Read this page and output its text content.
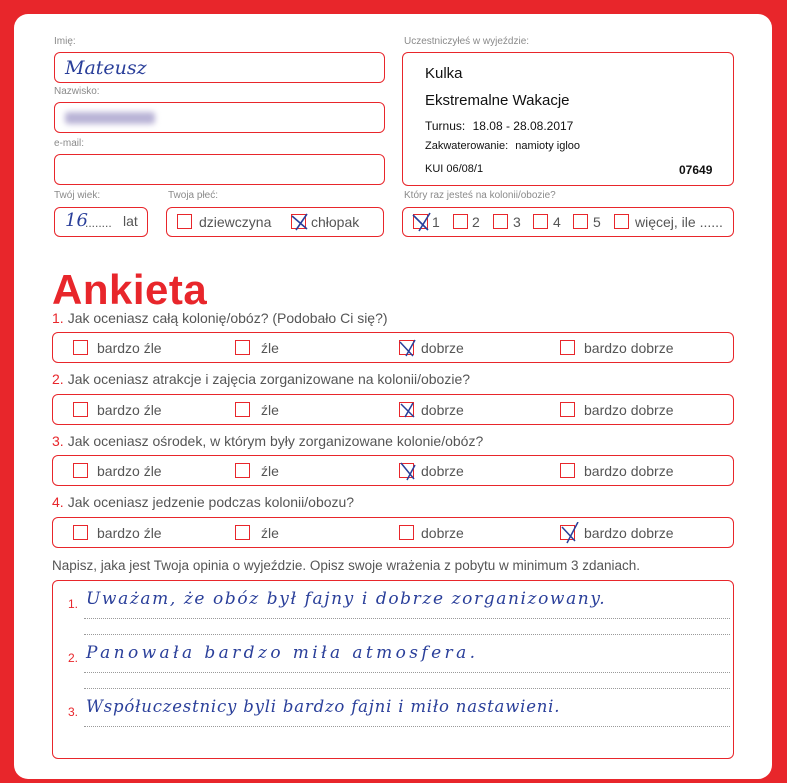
Imię:
Mateusz
Nazwisko:
e-mail:
Twój wiek:
16
........ lat
Twoja płeć:
dziewczyna	chłopak
Uczestniczyłeś w wyjeździe:
Kulka
Ekstremalne Wakacje
Turnus: 18.08 - 28.08.2017
Zakwaterowanie: namioty igloo
KUI 06/08/1	07649
Który raz jesteś na kolonii/obozie?
1 2 3 4 5 więcej, ile ......
Ankieta
1. Jak oceniasz całą kolonię/obóz? (Podobało Ci się?)
bardzo źle	źle	dobrze	bardzo dobrze
2. Jak oceniasz atrakcje i zajęcia zorganizowane na kolonii/obozie?
bardzo źle	źle	dobrze	bardzo dobrze
3. Jak oceniasz ośrodek, w którym były zorganizowane kolonie/obóz?
bardzo źle	źle	dobrze	bardzo dobrze
4. Jak oceniasz jedzenie podczas kolonii/obozu?
bardzo źle	źle	dobrze	bardzo dobrze
Napisz, jaka jest Twoja opinia o wyjeździe. Opisz swoje wrażenia z pobytu w minimum 3 zdaniach.
1. Uważam, że obóz był fajny i dobrze zorganizowany.
2. Panowała bardzo miła atmosfera.
3. Współuczestnicy byli bardzo fajni i miło nastawieni.
